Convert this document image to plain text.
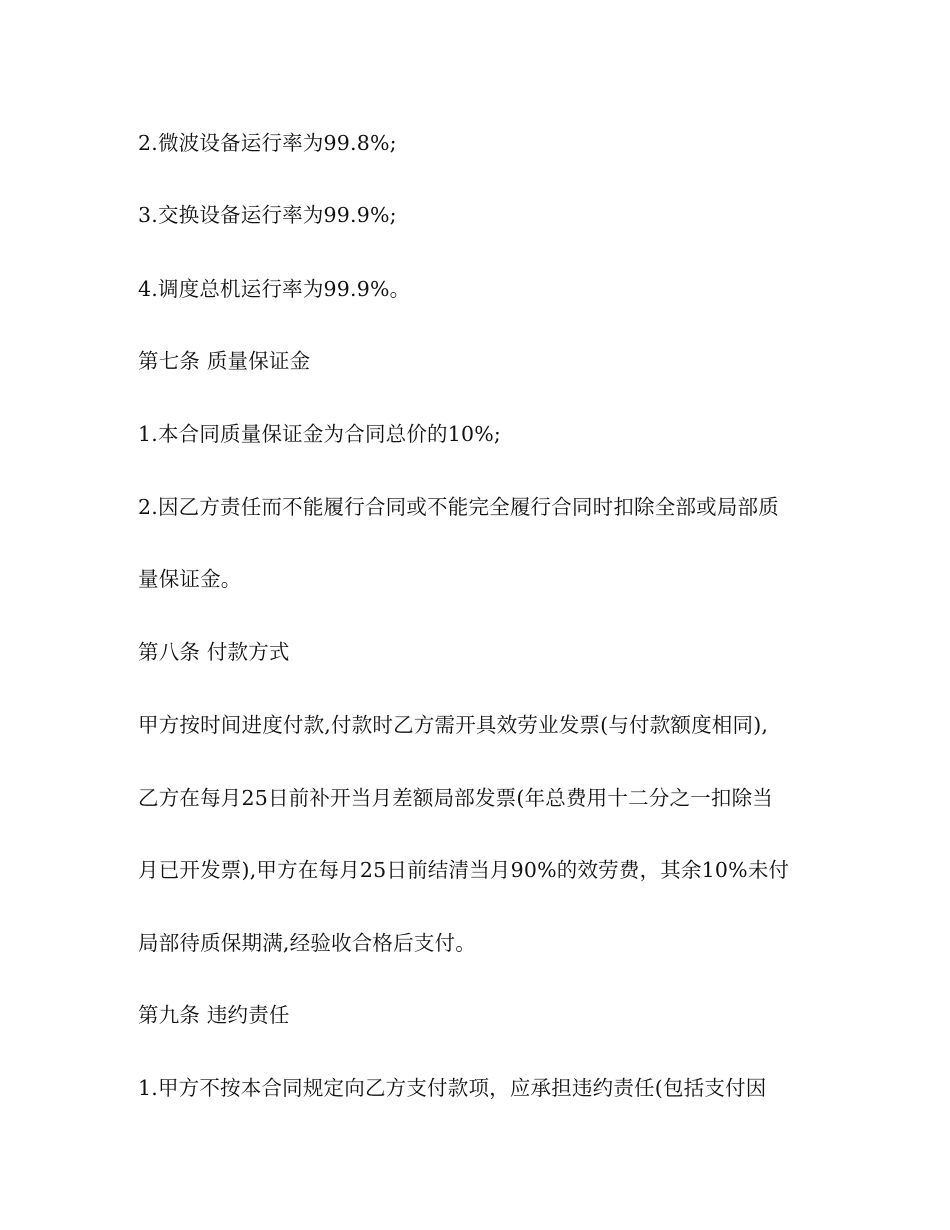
2.微波设备运行率为99.8%;
3.交换设备运行率为99.9%;
4.调度总机运行率为99.9%。
第七条 质量保证金
1.本合同质量保证金为合同总价的10%;
2.因乙方责任而不能履行合同或不能完全履行合同时扣除全部或局部质
量保证金。
第八条 付款方式
甲方按时间进度付款,付款时乙方需开具效劳业发票(与付款额度相同),
乙方在每月25日前补开当月差额局部发票(年总费用十二分之一扣除当
月已开发票),甲方在每月25日前结清当月90%的效劳费，其余10%未付
局部待质保期满,经验收合格后支付。
第九条 违约责任
1.甲方不按本合同规定向乙方支付款项，应承担违约责任(包括支付因
